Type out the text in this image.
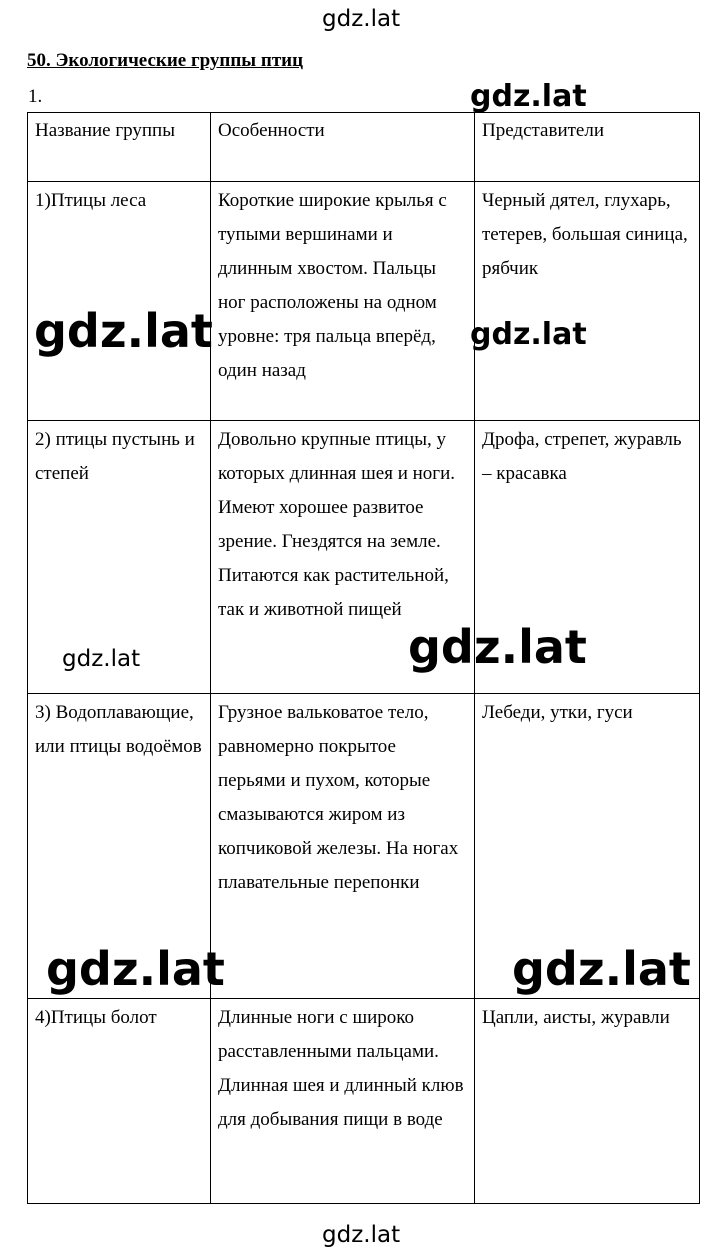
50. Экологические группы птиц
1.
Название группы	Особенности	Представители
1)Птицы леса	Короткие широкие крылья с тупыми вершинами и длинным хвостом. Пальцы ног расположены на одном уровне: тря пальца вперёд, один назад	Черный дятел, глухарь, тетерев, большая синица, рябчик
2) птицы пустынь и степей	Довольно крупные птицы, у которых длинная шея и ноги. Имеют хорошее развитое зрение. Гнездятся на земле. Питаются как растительной, так и животной пищей	Дрофа, стрепет, журавль – красавка
3) Водоплавающие, или птицы водоёмов	Грузное вальковатое тело, равномерно покрытое перьями и пухом, которые смазываются жиром из копчиковой железы. На ногах плавательные перепонки	Лебеди, утки, гуси
4)Птицы болот	Длинные ноги с широко расставленными пальцами. Длинная шея и длинный клюв для добывания пищи в воде	Цапли, аисты, журавли
gdz.lat
gdz.lat
gdz.lat	gdz.lat
gdz.lat	gdz.lat
gdz.lat	gdz.lat
gdz.lat
